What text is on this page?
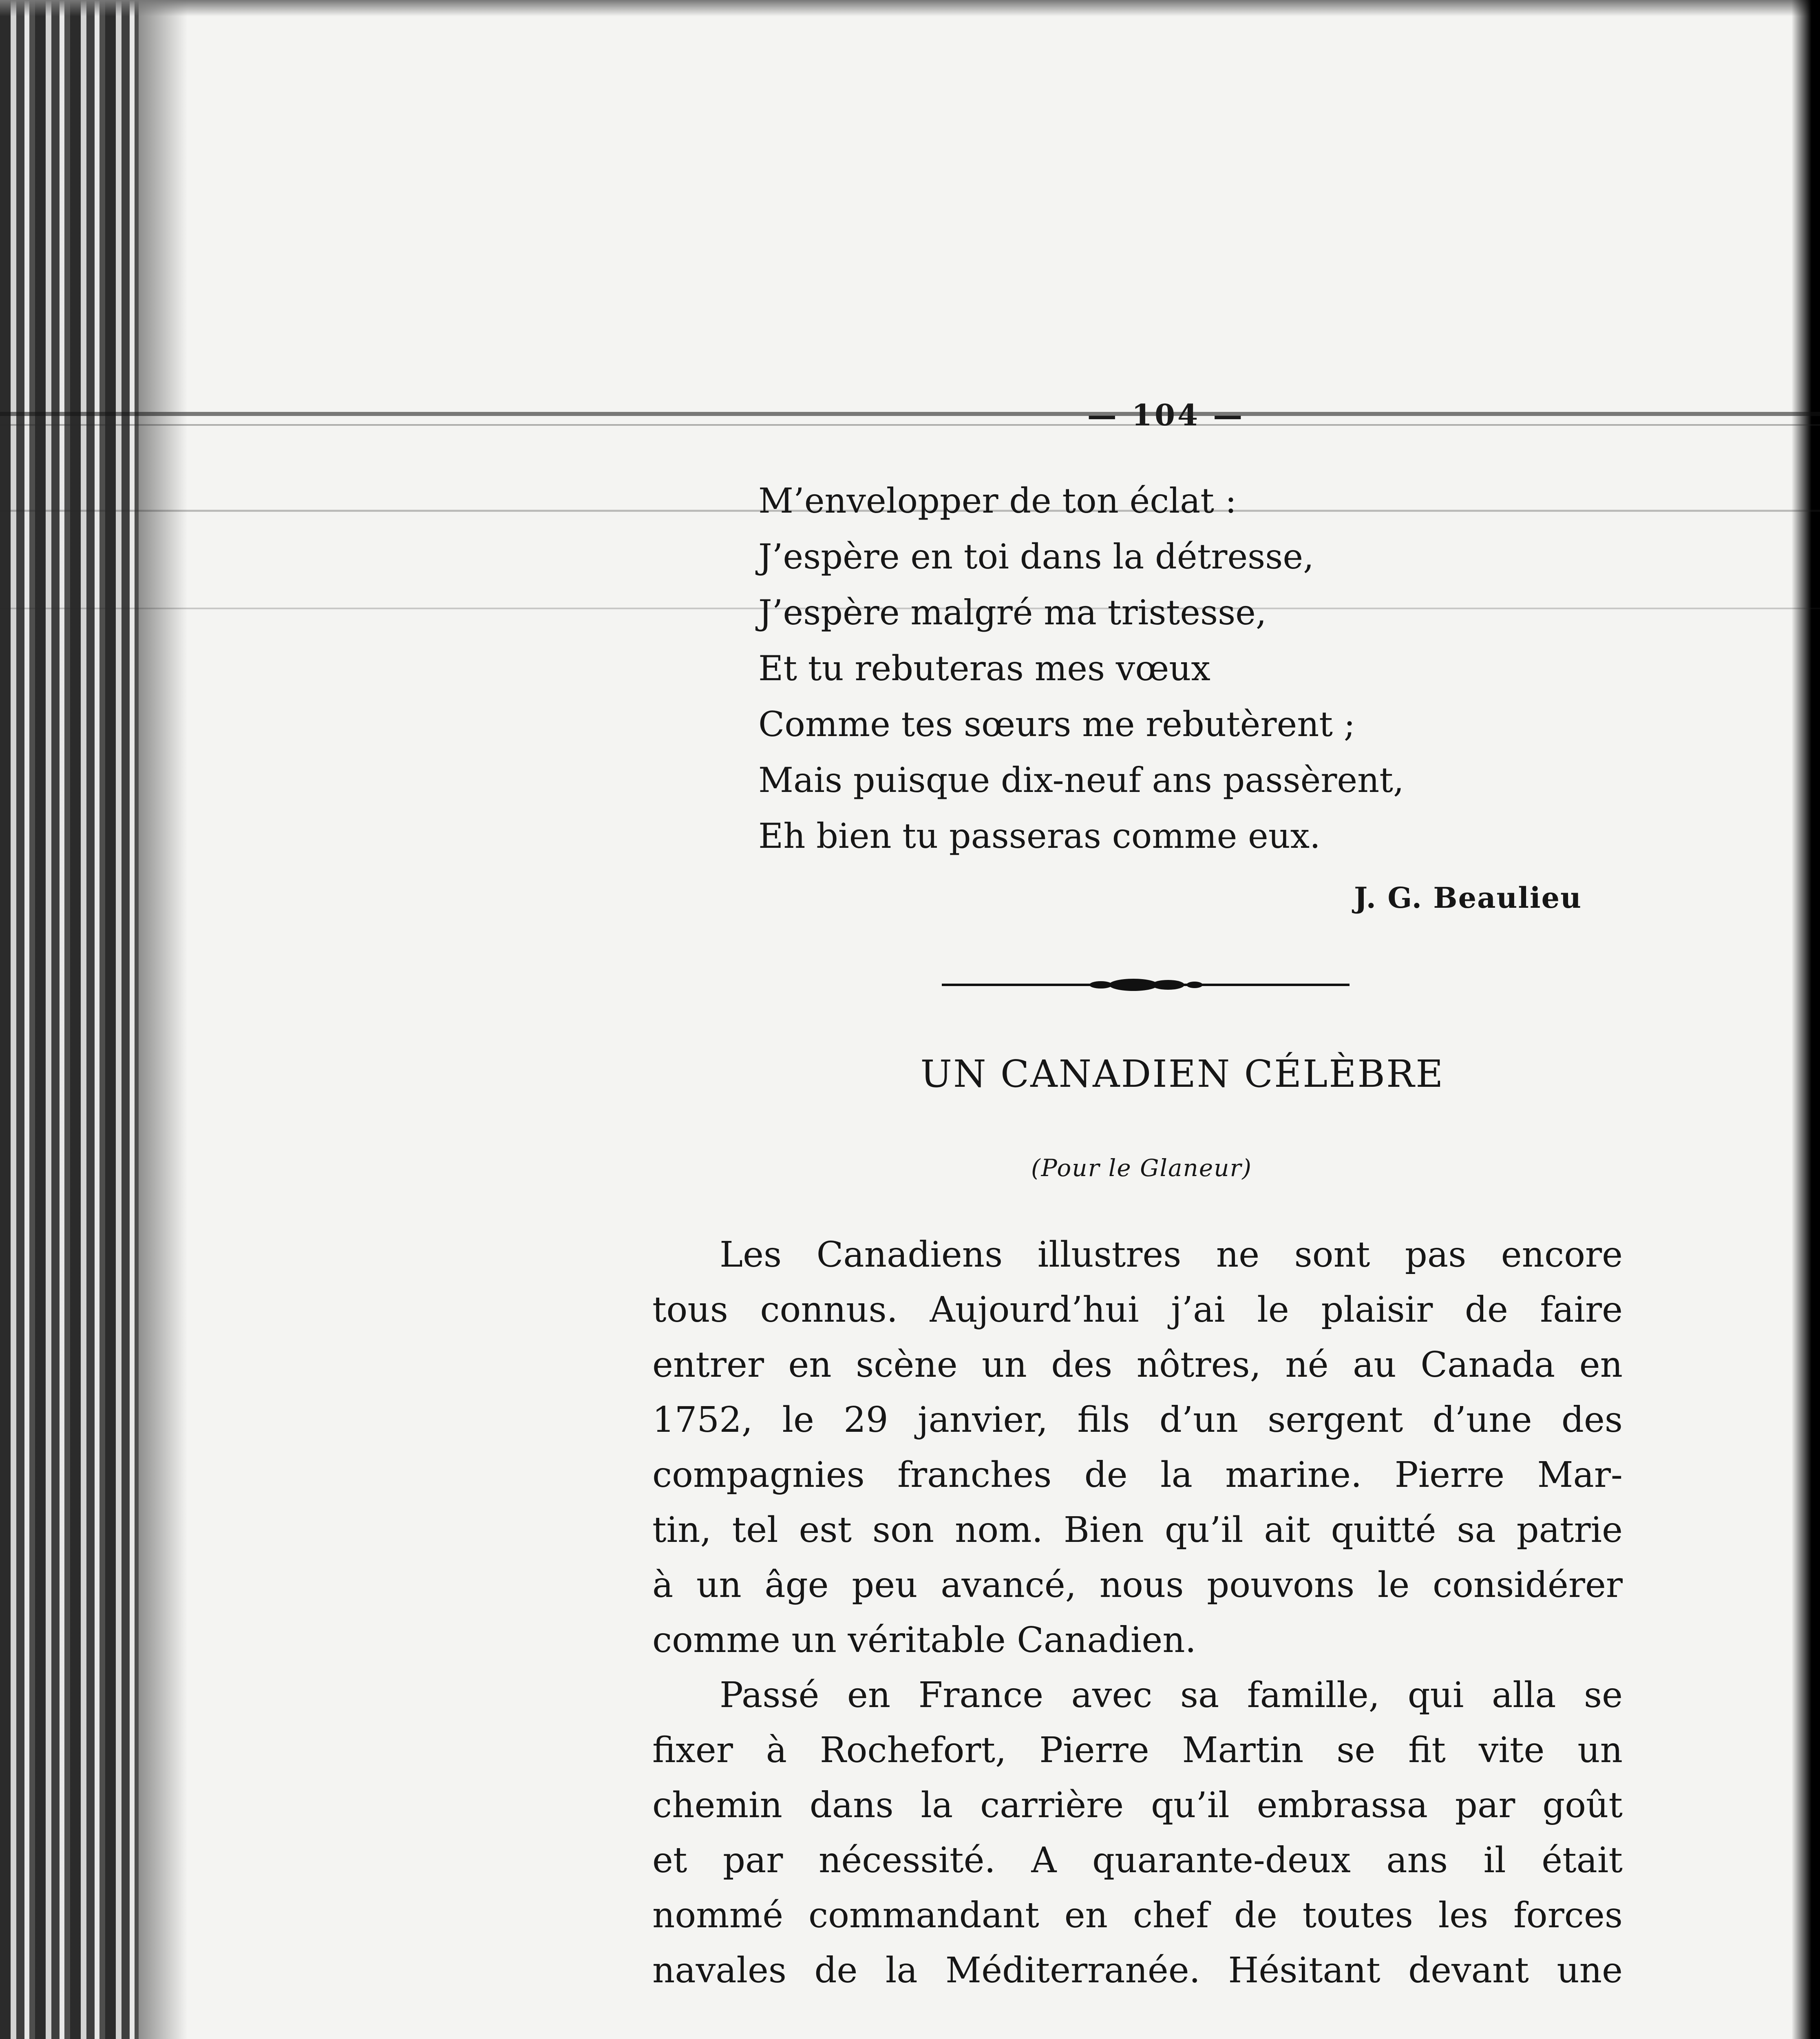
— 104 —
M’envelopper de ton éclat :
J’espère en toi dans la détresse,
J’espère malgré ma tristesse,
Et tu rebuteras mes vœux
Comme tes sœurs me rebutèrent ;
Mais puisque dix-neuf ans passèrent,
Eh bien tu passeras comme eux.
J. G. Beaulieu
UN CANADIEN CÉLÈBRE
(Pour le Glaneur)
Les Canadiens illustres ne sont pas encore
tous connus. Aujourd’hui j’ai le plaisir de faire
entrer en scène un des nôtres, né au Canada en
1752, le 29 janvier, fils d’un sergent d’une des
compagnies franches de la marine. Pierre Mar-
tin, tel est son nom. Bien qu’il ait quitté sa patrie
à un âge peu avancé, nous pouvons le considérer
comme un véritable Canadien.
Passé en France avec sa famille, qui alla se
fixer à Rochefort, Pierre Martin se fit vite un
chemin dans la carrière qu’il embrassa par goût
et par nécessité. A quarante-deux ans il était
nommé commandant en chef de toutes les forces
navales de la Méditerranée. Hésitant devant une
